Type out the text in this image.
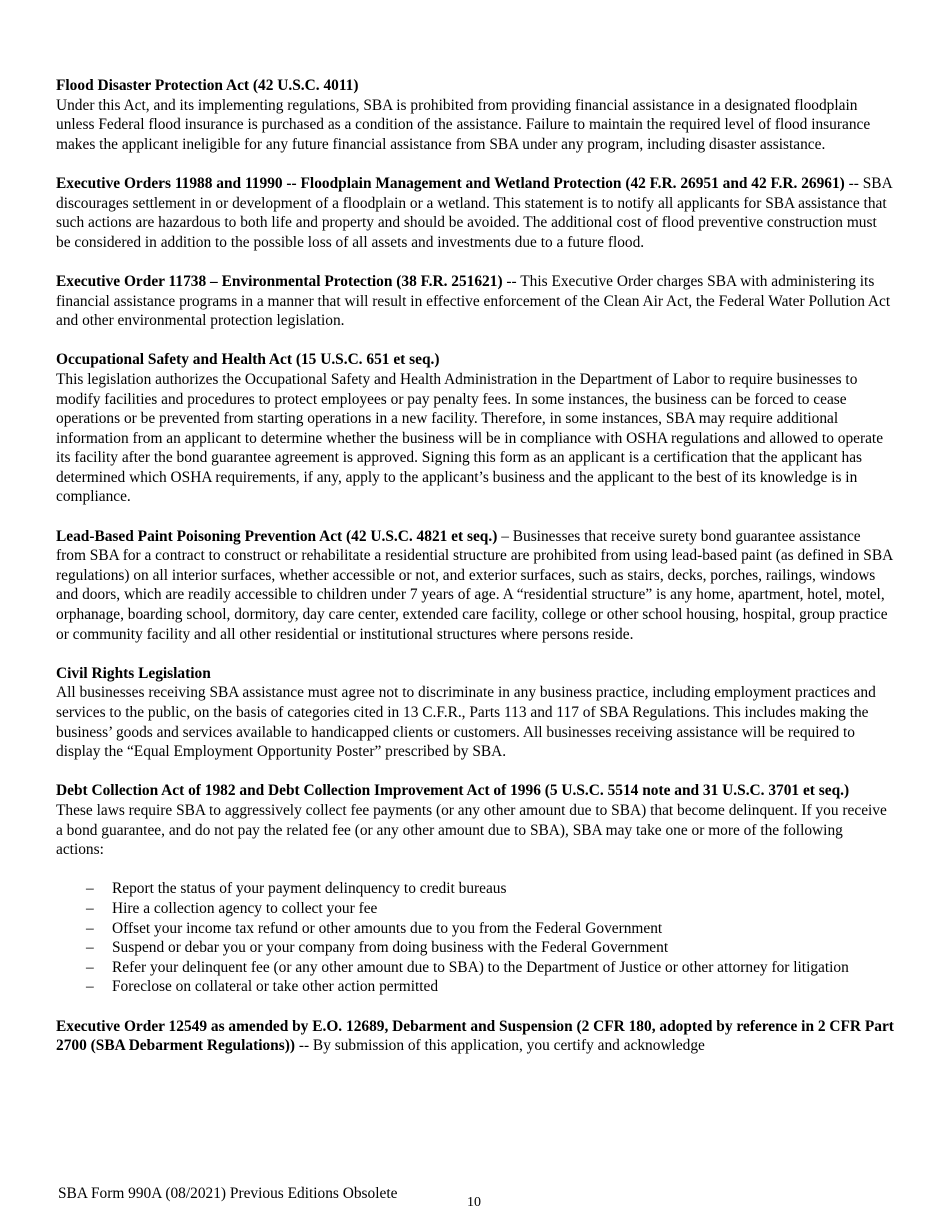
Flood Disaster Protection Act (42 U.S.C. 4011)
Under this Act, and its implementing regulations, SBA is prohibited from providing financial assistance in a designated floodplain unless Federal flood insurance is purchased as a condition of the assistance. Failure to maintain the required level of flood insurance makes the applicant ineligible for any future financial assistance from SBA under any program, including disaster assistance.
Executive Orders 11988 and 11990 -- Floodplain Management and Wetland Protection (42 F.R. 26951 and 42 F.R. 26961) -- SBA discourages settlement in or development of a floodplain or a wetland. This statement is to notify all applicants for SBA assistance that such actions are hazardous to both life and property and should be avoided. The additional cost of flood preventive construction must be considered in addition to the possible loss of all assets and investments due to a future flood.
Executive Order 11738 – Environmental Protection (38 F.R. 251621) -- This Executive Order charges SBA with administering its financial assistance programs in a manner that will result in effective enforcement of the Clean Air Act, the Federal Water Pollution Act and other environmental protection legislation.
Occupational Safety and Health Act (15 U.S.C. 651 et seq.)
This legislation authorizes the Occupational Safety and Health Administration in the Department of Labor to require businesses to modify facilities and procedures to protect employees or pay penalty fees. In some instances, the business can be forced to cease operations or be prevented from starting operations in a new facility. Therefore, in some instances, SBA may require additional information from an applicant to determine whether the business will be in compliance with OSHA regulations and allowed to operate its facility after the bond guarantee agreement is approved. Signing this form as an applicant is a certification that the applicant has determined which OSHA requirements, if any, apply to the applicant’s business and the applicant to the best of its knowledge is in compliance.
Lead-Based Paint Poisoning Prevention Act (42 U.S.C. 4821 et seq.) – Businesses that receive surety bond guarantee assistance from SBA for a contract to construct or rehabilitate a residential structure are prohibited from using lead-based paint (as defined in SBA regulations) on all interior surfaces, whether accessible or not, and exterior surfaces, such as stairs, decks, porches, railings, windows and doors, which are readily accessible to children under 7 years of age. A “residential structure” is any home, apartment, hotel, motel, orphanage, boarding school, dormitory, day care center, extended care facility, college or other school housing, hospital, group practice or community facility and all other residential or institutional structures where persons reside.
Civil Rights Legislation
All businesses receiving SBA assistance must agree not to discriminate in any business practice, including employment practices and services to the public, on the basis of categories cited in 13 C.F.R., Parts 113 and 117 of SBA Regulations. This includes making the business’ goods and services available to handicapped clients or customers. All businesses receiving assistance will be required to display the “Equal Employment Opportunity Poster” prescribed by SBA.
Debt Collection Act of 1982 and Debt Collection Improvement Act of 1996 (5 U.S.C. 5514 note and 31 U.S.C. 3701 et seq.)
These laws require SBA to aggressively collect fee payments (or any other amount due to SBA) that become delinquent. If you receive a bond guarantee, and do not pay the related fee (or any other amount due to SBA), SBA may take one or more of the following actions:
– Report the status of your payment delinquency to credit bureaus
– Hire a collection agency to collect your fee
– Offset your income tax refund or other amounts due to you from the Federal Government
– Suspend or debar you or your company from doing business with the Federal Government
– Refer your delinquent fee (or any other amount due to SBA) to the Department of Justice or other attorney for litigation
– Foreclose on collateral or take other action permitted
Executive Order 12549 as amended by E.O. 12689, Debarment and Suspension (2 CFR 180, adopted by reference in 2 CFR Part 2700 (SBA Debarment Regulations)) -- By submission of this application, you certify and acknowledge
SBA Form 990A (08/2021) Previous Editions Obsolete
10
